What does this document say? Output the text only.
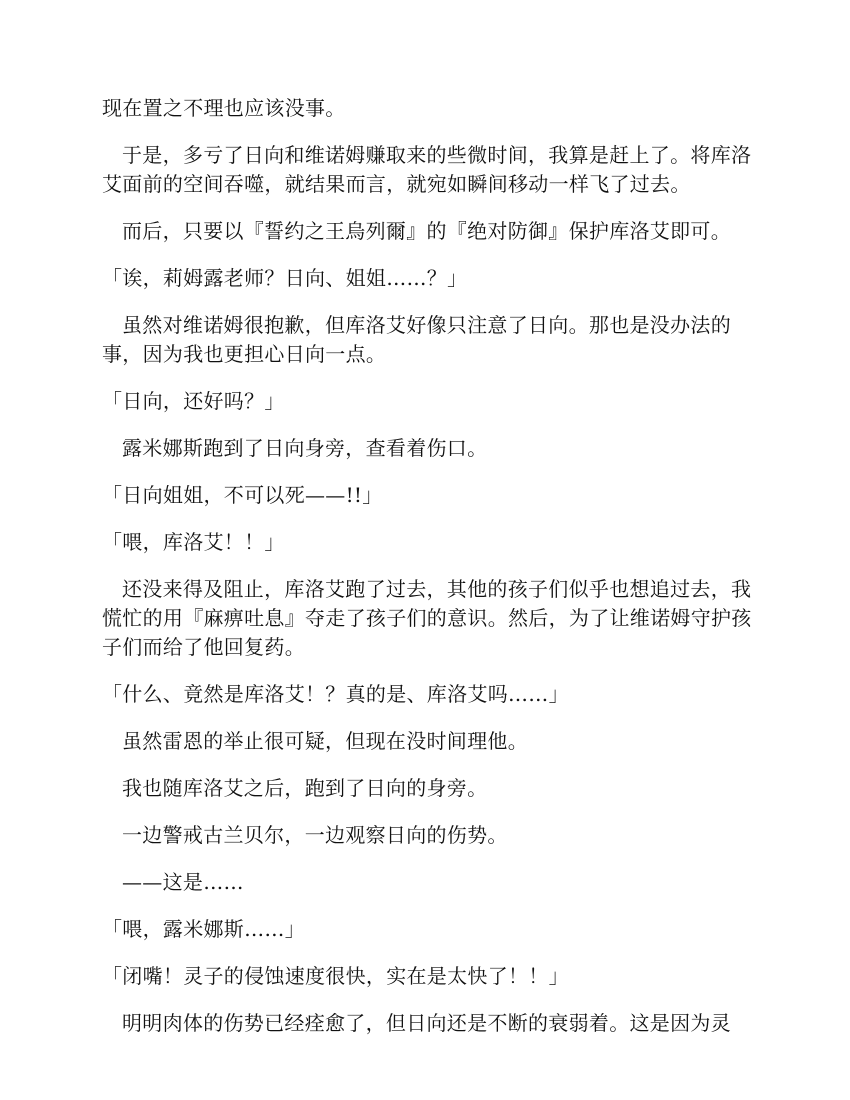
现在置之不理也应该没事。

于是，多亏了日向和维诺姆赚取来的些微时间，我算是赶上了。将库洛艾面前的空间吞噬，就结果而言，就宛如瞬间移动一样飞了过去。

而后，只要以『誓约之王烏列爾』的『绝对防御』保护库洛艾即可。

「诶，莉姆露老师？日向、姐姐……？」

虽然对维诺姆很抱歉，但库洛艾好像只注意了日向。那也是没办法的事，因为我也更担心日向一点。

「日向，还好吗？」

露米娜斯跑到了日向身旁，查看着伤口。

「日向姐姐，不可以死——!!」

「喂，库洛艾！！」

还没来得及阻止，库洛艾跑了过去，其他的孩子们似乎也想追过去，我慌忙的用『麻痹吐息』夺走了孩子们的意识。然后，为了让维诺姆守护孩子们而给了他回复药。

「什么、竟然是库洛艾！？真的是、库洛艾吗……」

虽然雷恩的举止很可疑，但现在没时间理他。

我也随库洛艾之后，跑到了日向的身旁。

一边警戒古兰贝尔，一边观察日向的伤势。

——这是……

「喂，露米娜斯……」

「闭嘴！灵子的侵蚀速度很快，实在是太快了！！」

明明肉体的伤势已经痊愈了，但日向还是不断的衰弱着。这是因为灵
